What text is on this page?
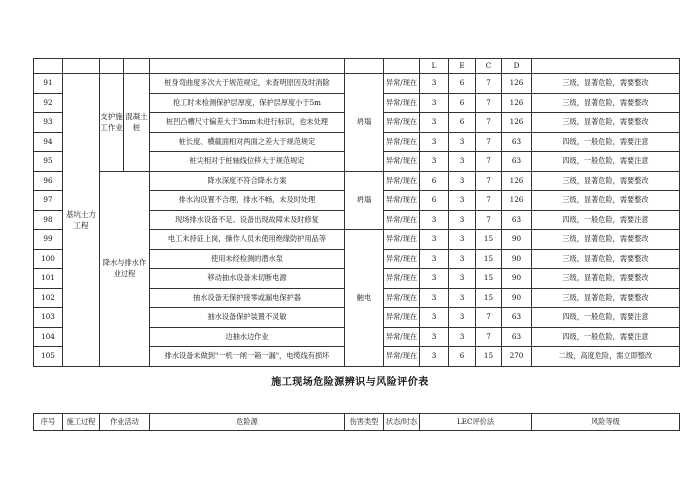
							L	E	C	D	
91	基坑土方工程	支护施工作业	混凝土桩	桩身弯曲度多次大于规范规定，未查明原因及时消除	坍塌	异常/现在	3	6	7	126	三级，显著危险，需要整改
92				抢工时未检测保护层厚度，保护层厚度小于5m		异常/现在	3	6	7	126	三级，显著危险，需要整改
93				桩凹凸槽尺寸偏差大于3mm未进行标识，也未处理		异常/现在	3	6	7	126	三级，显著危险，需要整改
94				桩长度、横截面相对两面之差大于规范规定		异常/现在	3	3	7	63	四级，一般危险，需要注意
95				桩尖相对于桩轴线位移大于规范规定		异常/现在	3	3	7	63	四级，一般危险，需要注意
96		降水与排水作业过程		降水深度不符合降水方案	坍塌	异常/现在	6	3	7	126	三级，显著危险，需要整改
97				排水沟设置不合理，排水不畅，未及时处理		异常/现在	6	3	7	126	三级，显著危险，需要整改
98				现场排水设备不足、设备出现故障未及时修复		异常/现在	3	3	7	63	四级，一般危险，需要注意
99				电工未持证上岗，操作人员未使用绝缘防护用品等	触电	异常/现在	3	3	15	90	三级，显著危险，需要整改
100				使用未经检测的潜水泵		异常/现在	3	3	15	90	三级，显著危险，需要整改
101				移动抽水设备未切断电源		异常/现在	3	3	15	90	三级，显著危险，需要整改
102				抽水设备无保护接零或漏电保护器		异常/现在	3	3	15	90	三级，显著危险，需要整改
103				抽水设备保护装置不灵敏		异常/现在	3	3	7	63	四级，一般危险，需要注意
104				边抽水边作业		异常/现在	3	3	7	63	四级，一般危险，需要注意
105				排水设备未做到"一机一闸一箱一漏"，电缆线有损坏		异常/现在	3	6	15	270	二级，高度危险，需立即整改
施工现场危险源辨识与风险评价表
序号	施工过程	作业活动	危险源	伤害类型	状态/时态	LEC评价法	风险等级
